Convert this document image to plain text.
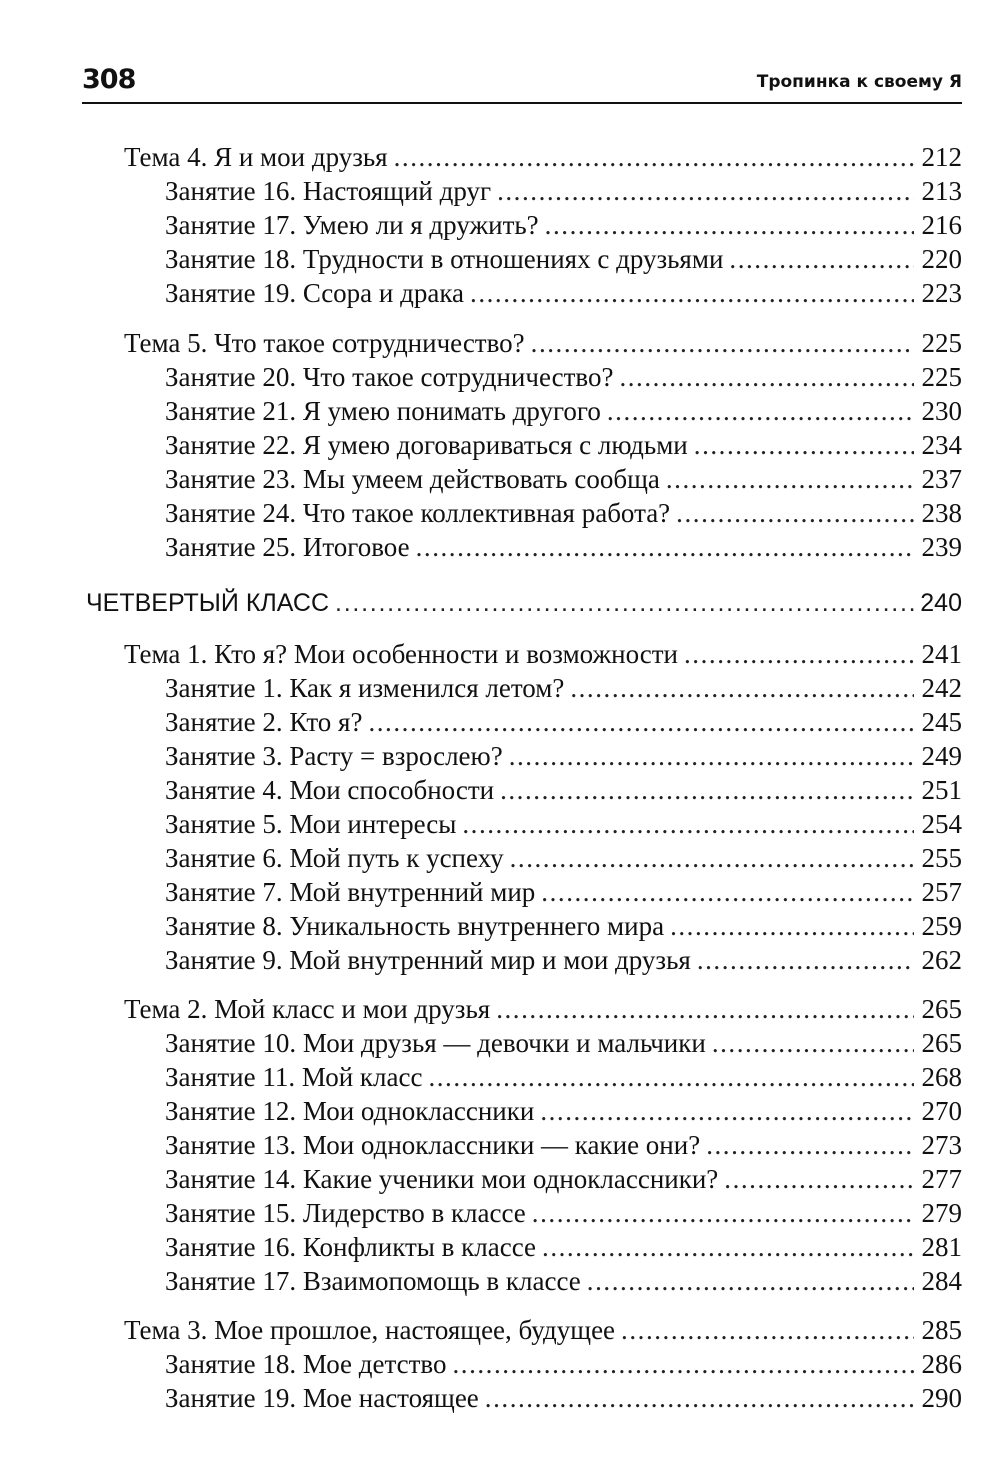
308	Тропинка к своему Я
Тема 4. Я и мои друзья . . .	212
Занятие 16. Настоящий друг . . .	213
Занятие 17. Умею ли я дружить? . . .	216
Занятие 18. Трудности в отношениях с друзьями . . .	220
Занятие 19. Ссора и драка . . .	223
Тема 5. Что такое сотрудничество? . . .	225
Занятие 20. Что такое сотрудничество? . . .	225
Занятие 21. Я умею понимать другого . . .	230
Занятие 22. Я умею договариваться с людьми . . .	234
Занятие 23. Мы умеем действовать сообща . . .	237
Занятие 24. Что такое коллективная работа? . . .	238
Занятие 25. Итоговое . . .	239
ЧЕТВЕРТЫЙ КЛАСС . . .	240
Тема 1. Кто я? Мои особенности и возможности . . .	241
Занятие 1. Как я изменился летом? . . .	242
Занятие 2. Кто я? . . .	245
Занятие 3. Расту = взрослею? . . .	249
Занятие 4. Мои способности . . .	251
Занятие 5. Мои интересы . . .	254
Занятие 6. Мой путь к успеху . . .	255
Занятие 7. Мой внутренний мир . . .	257
Занятие 8. Уникальность внутреннего мира . . .	259
Занятие 9. Мой внутренний мир и мои друзья . . .	262
Тема 2. Мой класс и мои друзья . . .	265
Занятие 10. Мои друзья — девочки и мальчики . . .	265
Занятие 11. Мой класс . . .	268
Занятие 12. Мои одноклассники . . .	270
Занятие 13. Мои одноклассники — какие они? . . .	273
Занятие 14. Какие ученики мои одноклассники? . . .	277
Занятие 15. Лидерство в классе . . .	279
Занятие 16. Конфликты в классе . . .	281
Занятие 17. Взаимопомощь в классе . . .	284
Тема 3. Мое прошлое, настоящее, будущее . . .	285
Занятие 18. Мое детство . . .	286
Занятие 19. Мое настоящее . . .	290
